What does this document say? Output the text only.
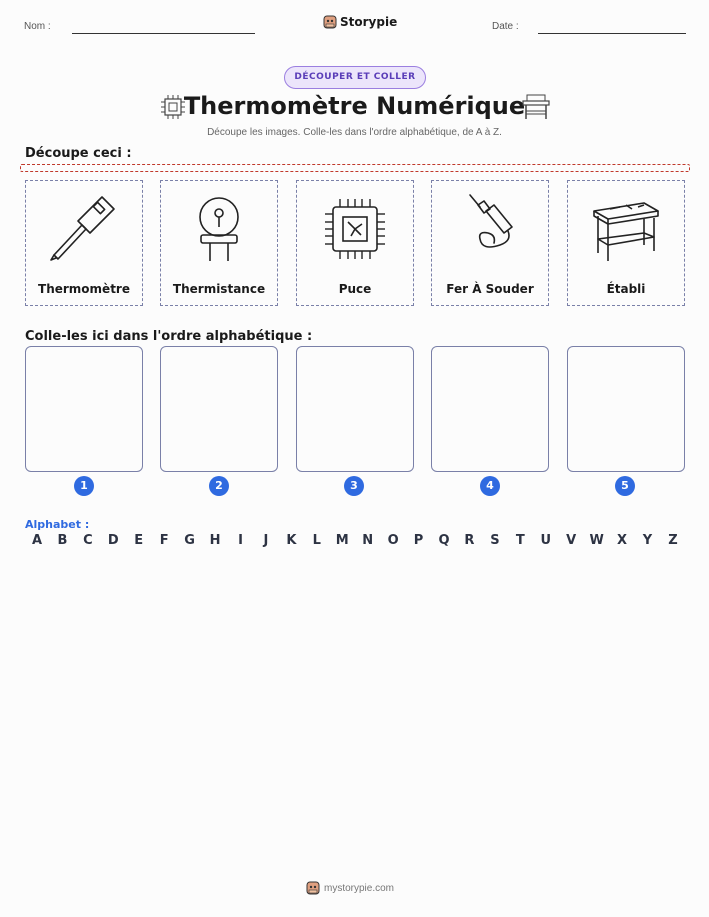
Nom :	Storypie	Date :
DÉCOUPER ET COLLER
Thermomètre Numérique
Découpe les images. Colle-les dans l'ordre alphabétique, de A à Z.
Découpe ceci :
Thermomètre	Thermistance	Puce	Fer À Souder	Établi
Colle-les ici dans l'ordre alphabétique :
1	2	3	4	5
Alphabet :
A	B	C	D	E	F	G	H	I	J	K	L	M	N	O	P	Q	R	S	T	U	V	W	X	Y	Z
mystorypie.com
